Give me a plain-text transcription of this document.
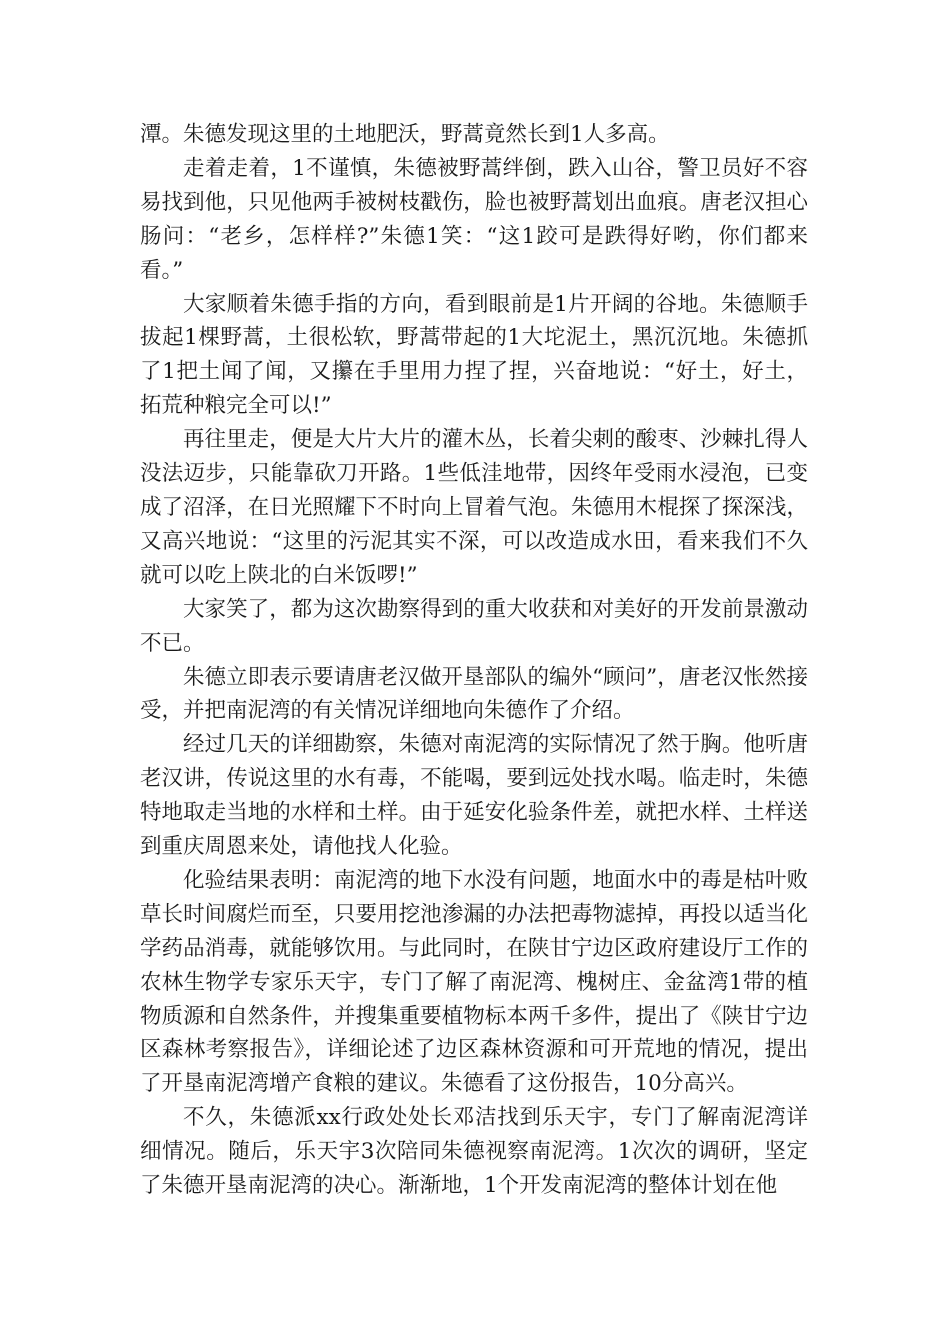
潭。朱德发现这里的土地肥沃，野蒿竟然长到1人多高。

走着走着，1不谨慎，朱德被野蒿绊倒，跌入山谷，警卫员好不容易找到他，只见他两手被树枝戳伤，脸也被野蒿划出血痕。唐老汉担心肠问：“老乡，怎样样?”朱德1笑：“这1跤可是跌得好哟，你们都来看。”

大家顺着朱德手指的方向，看到眼前是1片开阔的谷地。朱德顺手拔起1棵野蒿，土很松软，野蒿带起的1大坨泥土，黑沉沉地。朱德抓了1把土闻了闻，又攥在手里用力捏了捏，兴奋地说：“好土，好土，拓荒种粮完全可以!”

再往里走，便是大片大片的灌木丛，长着尖刺的酸枣、沙棘扎得人没法迈步，只能靠砍刀开路。1些低洼地带，因终年受雨水浸泡，已变成了沼泽，在日光照耀下不时向上冒着气泡。朱德用木棍探了探深浅，又高兴地说：“这里的污泥其实不深，可以改造成水田，看来我们不久就可以吃上陕北的白米饭啰!”

大家笑了，都为这次勘察得到的重大收获和对美好的开发前景激动不已。

朱德立即表示要请唐老汉做开垦部队的编外“顾问”，唐老汉怅然接受，并把南泥湾的有关情况详细地向朱德作了介绍。

经过几天的详细勘察，朱德对南泥湾的实际情况了然于胸。他听唐老汉讲，传说这里的水有毒，不能喝，要到远处找水喝。临走时，朱德特地取走当地的水样和土样。由于延安化验条件差，就把水样、土样送到重庆周恩来处，请他找人化验。

化验结果表明：南泥湾的地下水没有问题，地面水中的毒是枯叶败草长时间腐烂而至，只要用挖池渗漏的办法把毒物滤掉，再投以适当化学药品消毒，就能够饮用。与此同时，在陕甘宁边区政府建设厅工作的农林生物学专家乐天宇，专门了解了南泥湾、槐树庄、金盆湾1带的植物质源和自然条件，并搜集重要植物标本两千多件，提出了《陕甘宁边区森林考察报告》，详细论述了边区森林资源和可开荒地的情况，提出了开垦南泥湾增产食粮的建议。朱德看了这份报告，10分高兴。

不久，朱德派xx行政处处长邓洁找到乐天宇，专门了解南泥湾详细情况。随后，乐天宇3次陪同朱德视察南泥湾。1次次的调研，坚定了朱德开垦南泥湾的决心。渐渐地，1个开发南泥湾的整体计划在他
